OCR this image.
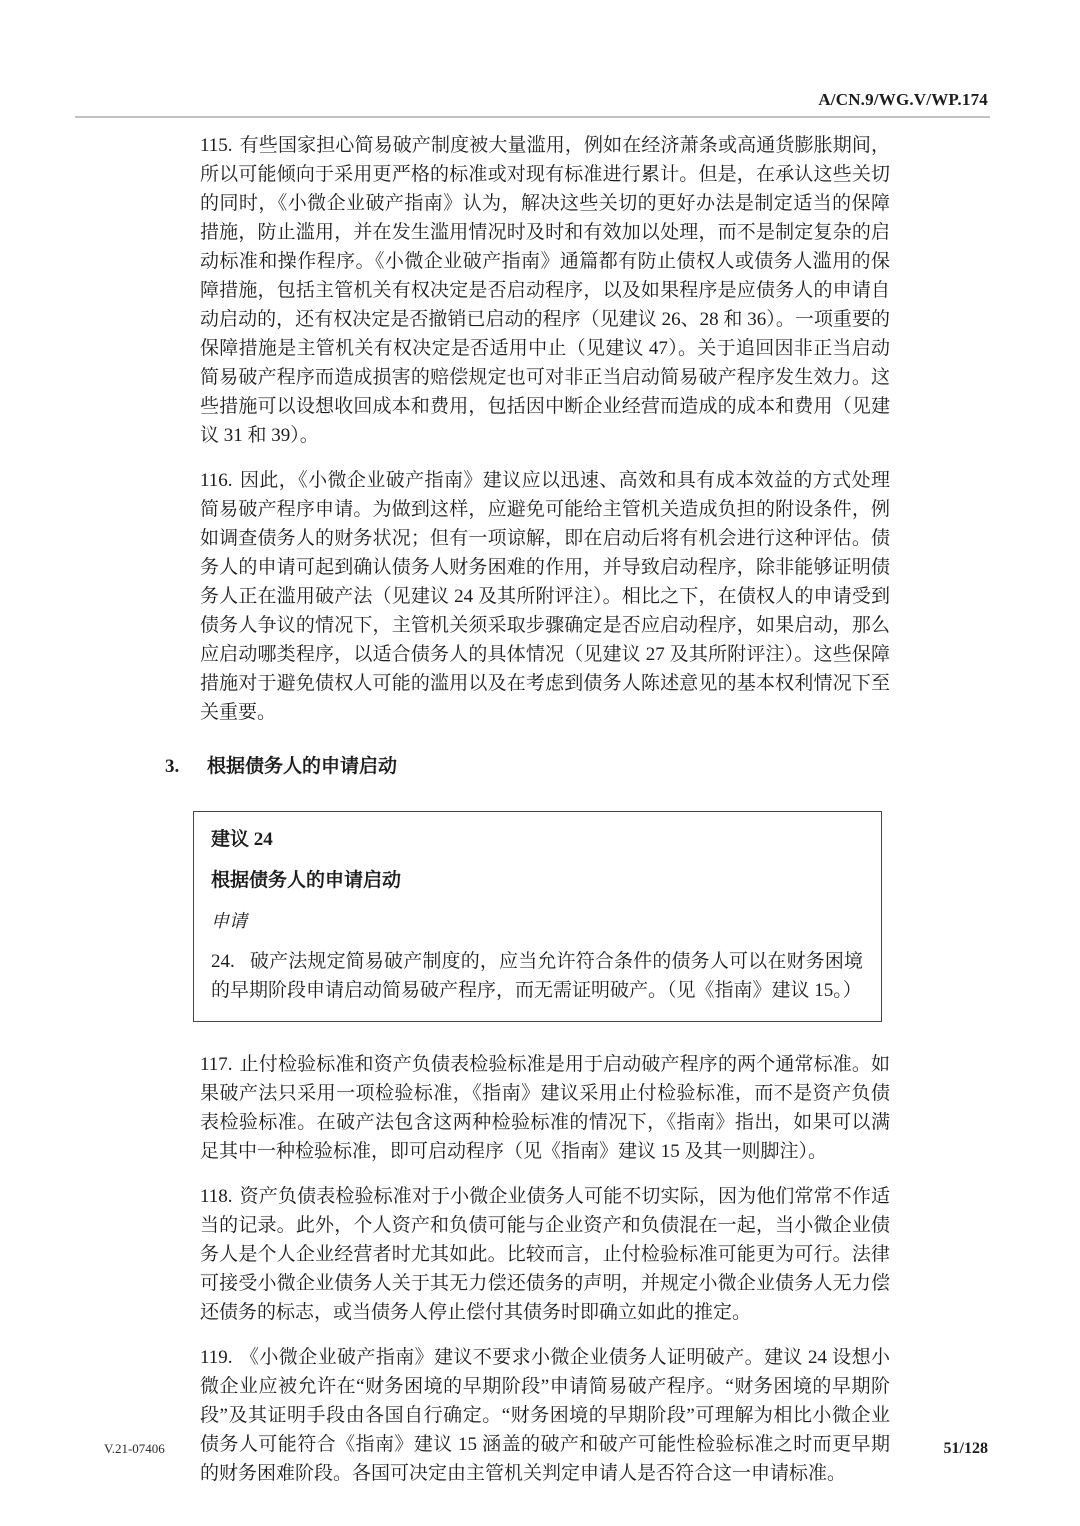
A/CN.9/WG.V/WP.174

115. 有些国家担心简易破产制度被大量滥用，例如在经济萧条或高通货膨胀期间，所以可能倾向于采用更严格的标准或对现有标准进行累计。但是，在承认这些关切的同时，《小微企业破产指南》认为，解决这些关切的更好办法是制定适当的保障措施，防止滥用，并在发生滥用情况时及时和有效加以处理，而不是制定复杂的启动标准和操作程序。《小微企业破产指南》通篇都有防止债权人或债务人滥用的保障措施，包括主管机关有权决定是否启动程序，以及如果程序是应债务人的申请自动启动的，还有权决定是否撤销已启动的程序（见建议 26、28 和 36）。一项重要的保障措施是主管机关有权决定是否适用中止（见建议 47）。关于追回因非正当启动简易破产程序而造成损害的赔偿规定也可对非正当启动简易破产程序发生效力。这些措施可以设想收回成本和费用，包括因中断企业经营而造成的成本和费用（见建议 31 和 39）。

116. 因此，《小微企业破产指南》建议应以迅速、高效和具有成本效益的方式处理简易破产程序申请。为做到这样，应避免可能给主管机关造成负担的附设条件，例如调查债务人的财务状况；但有一项谅解，即在启动后将有机会进行这种评估。债务人的申请可起到确认债务人财务困难的作用，并导致启动程序，除非能够证明债务人正在滥用破产法（见建议 24 及其所附评注）。相比之下，在债权人的申请受到债务人争议的情况下，主管机关须采取步骤确定是否应启动程序，如果启动，那么应启动哪类程序，以适合债务人的具体情况（见建议 27 及其所附评注）。这些保障措施对于避免债权人可能的滥用以及在考虑到债务人陈述意见的基本权利情况下至关重要。

3. 根据债务人的申请启动
建议 24
根据债务人的申请启动
申请

24. 破产法规定简易破产制度的，应当允许符合条件的债务人可以在财务困境的早期阶段申请启动简易破产程序，而无需证明破产。（见《指南》建议 15。）

117. 止付检验标准和资产负债表检验标准是用于启动破产程序的两个通常标准。如果破产法只采用一项检验标准，《指南》建议采用止付检验标准，而不是资产负债表检验标准。在破产法包含这两种检验标准的情况下，《指南》指出，如果可以满足其中一种检验标准，即可启动程序（见《指南》建议 15 及其一则脚注）。

118. 资产负债表检验标准对于小微企业债务人可能不切实际，因为他们常常不作适当的记录。此外，个人资产和负债可能与企业资产和负债混在一起，当小微企业债务人是个人企业经营者时尤其如此。比较而言，止付检验标准可能更为可行。法律可接受小微企业债务人关于其无力偿还债务的声明，并规定小微企业债务人无力偿还债务的标志，或当债务人停止偿付其债务时即确立如此的推定。

119. 《小微企业破产指南》建议不要求小微企业债务人证明破产。建议 24 设想小微企业应被允许在“财务困境的早期阶段”申请简易破产程序。“财务困境的早期阶段”及其证明手段由各国自行确定。“财务困境的早期阶段”可理解为相比小微企业债务人可能符合《指南》建议 15 涵盖的破产和破产可能性检验标准之时而更早期的财务困难阶段。各国可决定由主管机关判定申请人是否符合这一申请标准。

V.21-07406	51/128
